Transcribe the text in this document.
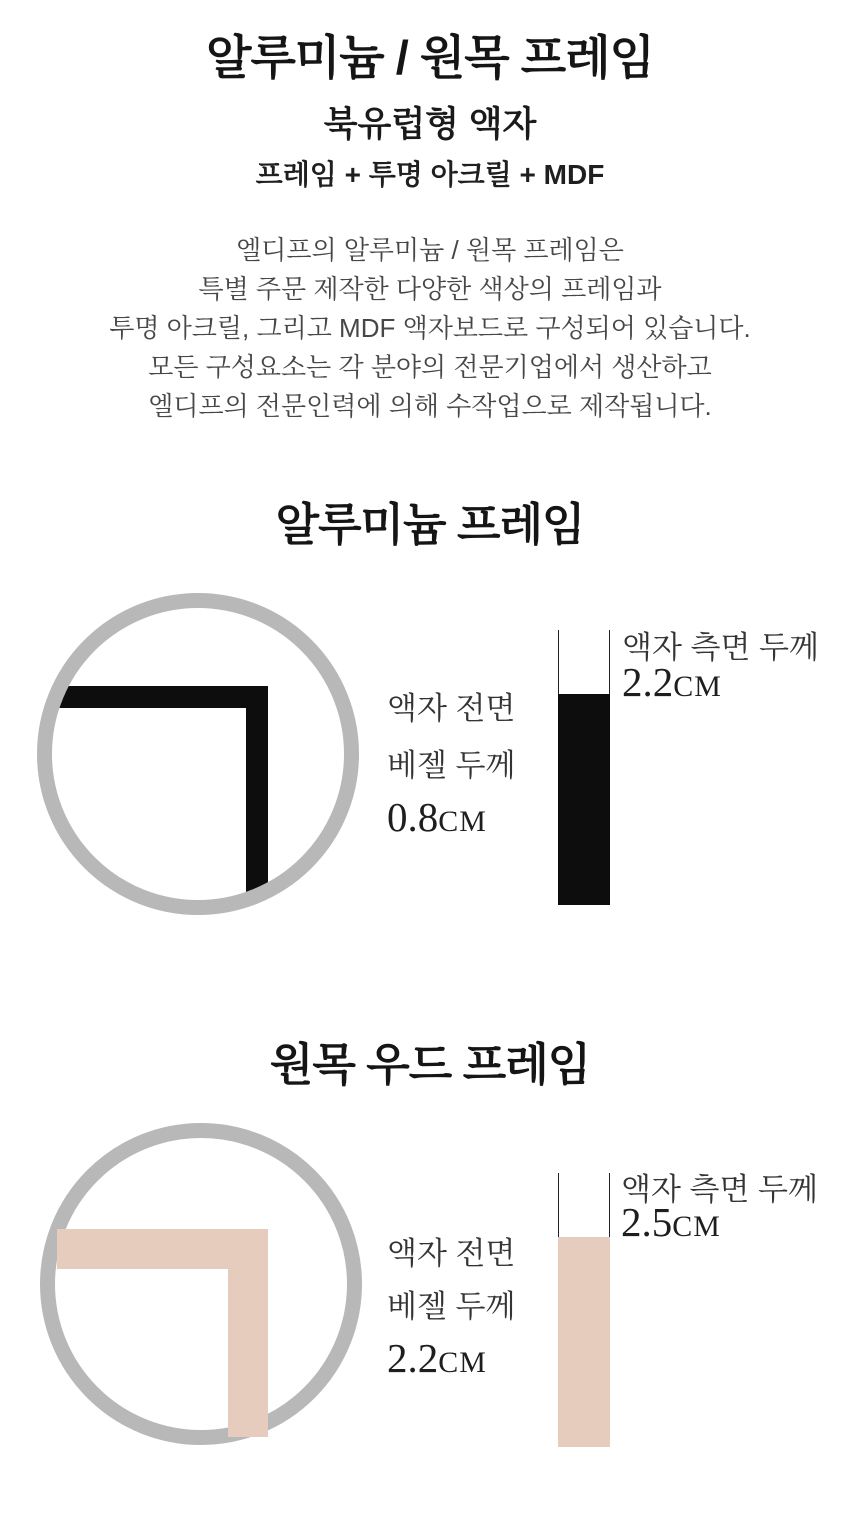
알루미늄 / 원목 프레임
북유럽형 액자
프레임 + 투명 아크릴 + MDF
엘디프의 알루미늄 / 원목 프레임은
특별 주문 제작한 다양한 색상의 프레임과
투명 아크릴, 그리고 MDF 액자보드로 구성되어 있습니다.
모든 구성요소는 각 분야의 전문기업에서 생산하고
엘디프의 전문인력에 의해 수작업으로 제작됩니다.
알루미늄 프레임
액자 전면
베젤 두께
0.8CM
액자 측면 두께
2.2CM
원목 우드 프레임
액자 전면
베젤 두께
2.2CM
액자 측면 두께
2.5CM
